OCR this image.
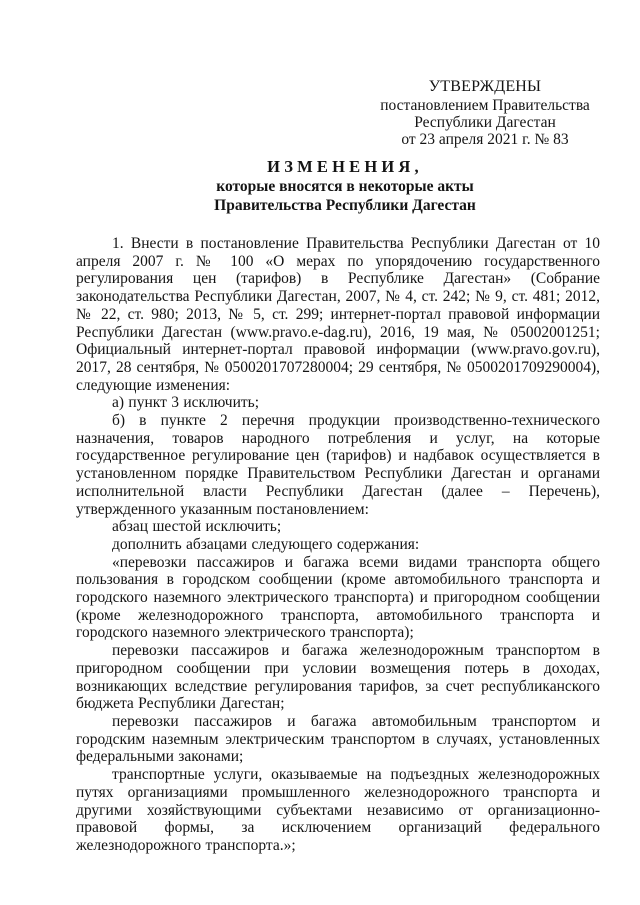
УТВЕРЖДЕНЫ
постановлением Правительства
Республики Дагестан
от 23 апреля 2021 г. № 83
ИЗМЕНЕНИЯ,
которые вносятся в некоторые акты
Правительства Республики Дагестан

1. Внести в постановление Правительства Республики Дагестан от 10 апреля 2007 г. № 100 «О мерах по упорядочению государственного регулирования цен (тарифов) в Республике Дагестан» (Собрание законодательства Республики Дагестан, 2007, № 4, ст. 242; № 9, ст. 481; 2012, № 22, ст. 980; 2013, № 5, ст. 299; интернет-портал правовой информации Республики Дагестан (www.pravo.e-dag.ru), 2016, 19 мая, № 05002001251; Официальный интернет-портал правовой информации (www.pravo.gov.ru), 2017, 28 сентября, № 0500201707280004; 29 сентября, № 0500201709290004), следующие изменения:

а) пункт 3 исключить;

б) в пункте 2 перечня продукции производственно-технического назначения, товаров народного потребления и услуг, на которые государственное регулирование цен (тарифов) и надбавок осуществляется в установленном порядке Правительством Республики Дагестан и органами исполнительной власти Республики Дагестан (далее – Перечень), утвержденного указанным постановлением:

абзац шестой исключить;

дополнить абзацами следующего содержания:

«перевозки пассажиров и багажа всеми видами транспорта общего пользования в городском сообщении (кроме автомобильного транспорта и городского наземного электрического транспорта) и пригородном сообщении (кроме железнодорожного транспорта, автомобильного транспорта и городского наземного электрического транспорта);

перевозки пассажиров и багажа железнодорожным транспортом в пригородном сообщении при условии возмещения потерь в доходах, возникающих вследствие регулирования тарифов, за счет республиканского бюджета Республики Дагестан;

перевозки пассажиров и багажа автомобильным транспортом и городским наземным электрическим транспортом в случаях, установленных федеральными законами;

транспортные услуги, оказываемые на подъездных железнодорожных путях организациями промышленного железнодорожного транспорта и другими хозяйствующими субъектами независимо от организационно-правовой формы, за исключением организаций федерального железнодорожного транспорта.»;
